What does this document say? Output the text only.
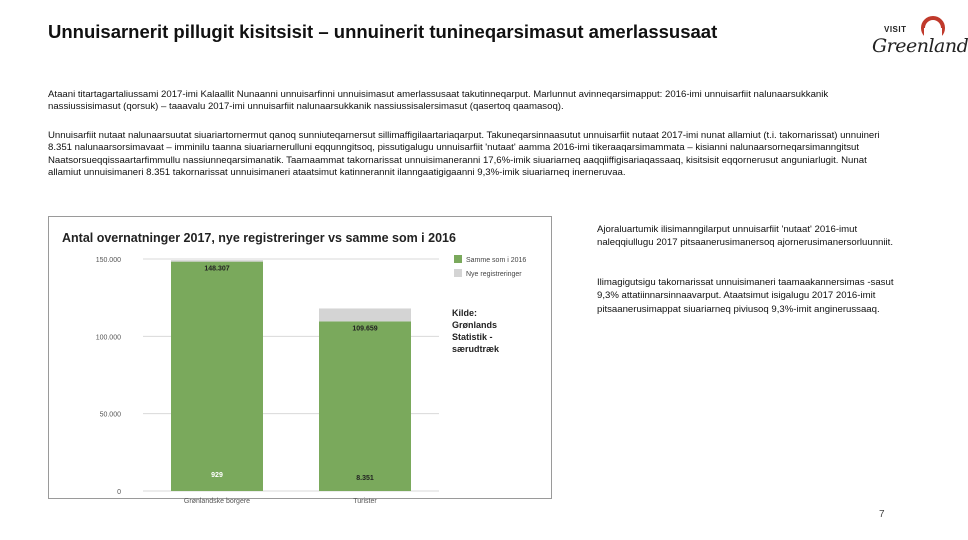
Unnuisarnerit pillugit kisitsisit – unnuinerit tunineqarsimasut amerlassusaat	VISIT
Greenland
Ataani titartagartaliussami 2017-imi Kalaallit Nunaanni unnuisarfinni unnuisimasut amerlassusaat takutinneqarput. Marlunnut avinneqarsimapput: 2016-imi unnuisarfiit nalunaarsukkanik nassiussisimasut (qorsuk) – taaavalu 2017-imi unnuisarfiit nalunaarsukkanik nassiussisalersimasut (qasertoq qaamasoq).
Unnuisarfiit nutaat nalunaarsuutat siuariartornermut qanoq sunniuteqarnersut sillimaffigilaartariaqarput. Takuneqarsinnaasutut unnuisarfiit nutaat 2017-imi nunat allamiut (t.i. takornarissat) unnuineri 8.351 nalunaarsorsimavaat – imminilu taanna siuariarnerulluni eqqunngitsoq, pissutigalugu unnuisarfiit 'nutaat' aamma 2016-imi tikeraaqarsimammata – kisianni nalunaarsorneqarsimanngitsut Naatsorsueqqissaartarfimmullu nassiunneqarsimanatik. Taamaammat takornarissat unnuisimaneranni 17,6%-imik siuariarneq aaqqiiffigisariaqassaaq, kisitsisit eqqornerusut anguniarlugit. Nunat allamiut unnuisimaneri 8.351 takornarissat unnuisimaneri ataatsimut katinnerannit ilanngaatigigaanni 9,3%-imik siuariarneq inerneruvaa.
Antal overnatninger 2017, nye registreringer vs samme som i 2016
0
50.000
100.000
150.000
148.307
929
Grønlandske borgere
109.659
8.351
Turister
Samme som i 2016
Nye registreringer
Kilde:
Grønlands
Statistik -
særudtræk
Ajoraluartumik ilisimanngilarput unnuisarfiit 'nutaat' 2016-imut naleqqiullugu 2017 pitsaanerusimanersoq ajornerusimanersorluunniit.
Ilimagigutsigu takornarissat unnuisimaneri taamaakannersimas -sasut 9,3% attatiinnarsinnaavarput. Ataatsimut isigalugu 2017 2016-imit pitsaanerusimappat siuariarneq piviusoq 9,3%-imit anginerussaaq.
7
